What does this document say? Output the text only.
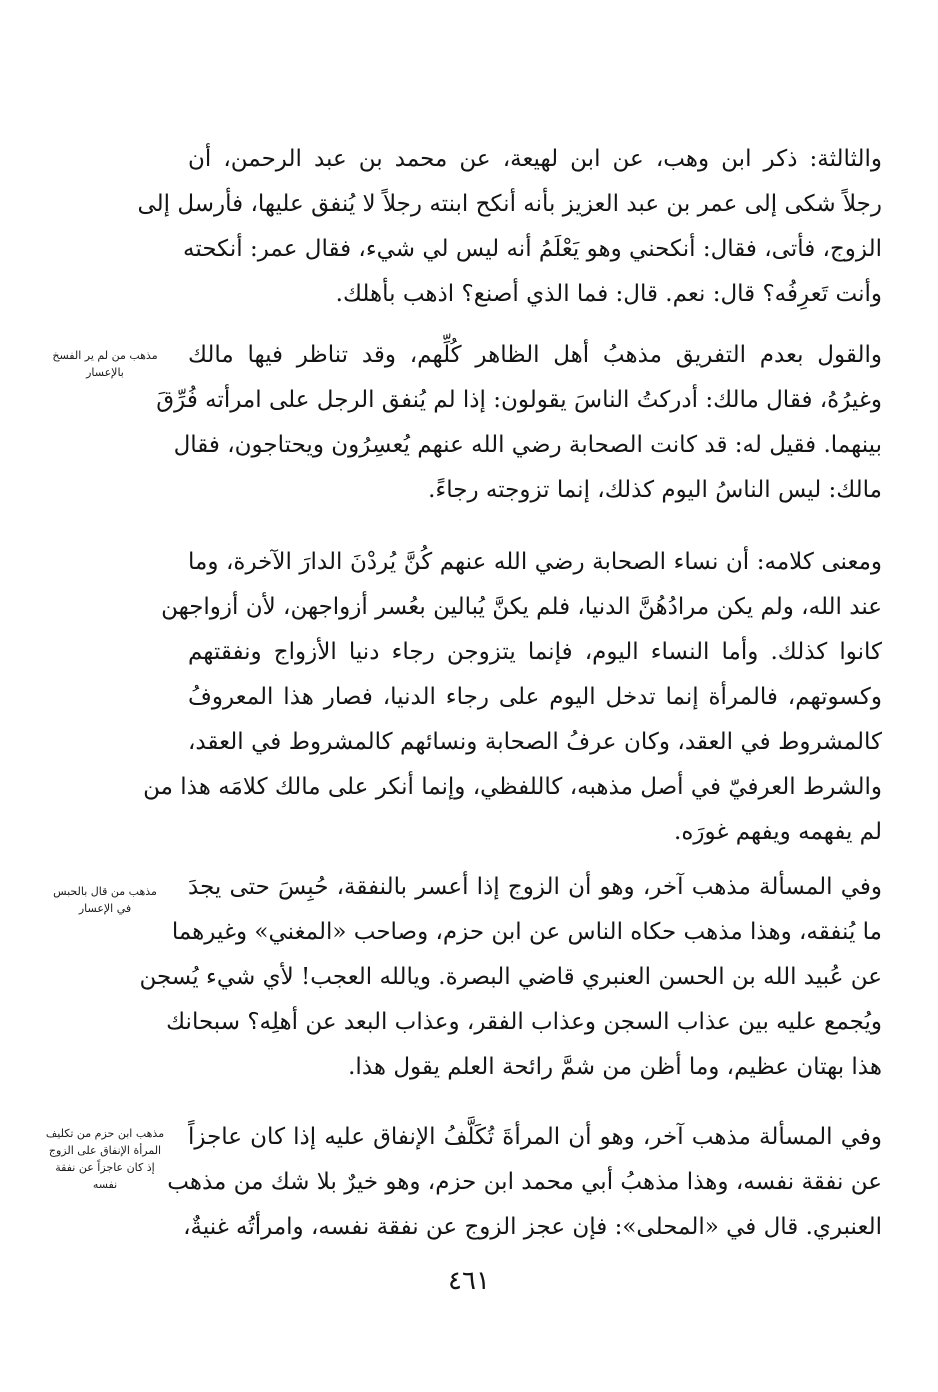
والثالثة: ذكر ابن وهب، عن ابن لهيعة، عن محمد بن عبد الرحمن، أن
رجلاً شكى إلى عمر بن عبد العزيز بأنه أنكح ابنته رجلاً لا يُنفق عليها، فأرسل إلى
الزوج، فأتى، فقال: أنكحني وهو يَعْلَمُ أنه ليس لي شيء، فقال عمر: أنكحته
وأنت تَعرِفُه؟ قال: نعم. قال: فما الذي أصنع؟ اذهب بأهلك.

والقول بعدم التفريق مذهبُ أهل الظاهر كُلِّهم، وقد تناظر فيها مالك
وغيرُهُ، فقال مالك: أدركتُ الناسَ يقولون: إذا لم يُنفق الرجل على امرأته فُرِّقَ
بينهما. فقيل له: قد كانت الصحابة رضي الله عنهم يُعسِرُون ويحتاجون، فقال
مالك: ليس الناسُ اليوم كذلك، إنما تزوجته رجاءً.

ومعنى كلامه: أن نساء الصحابة رضي الله عنهم كُنَّ يُردْنَ الدارَ الآخرة، وما
عند الله، ولم يكن مرادُهُنَّ الدنيا، فلم يكنَّ يُبالين بعُسر أزواجهن، لأن أزواجهن
كانوا كذلك. وأما النساء اليوم، فإنما يتزوجن رجاء دنيا الأزواج ونفقتهم
وكسوتهم، فالمرأة إنما تدخل اليوم على رجاء الدنيا، فصار هذا المعروفُ
كالمشروط في العقد، وكان عرفُ الصحابة ونسائهم كالمشروط في العقد،
والشرط العرفيّ في أصل مذهبه، كاللفظي، وإنما أنكر على مالك كلامَه هذا من
لم يفهمه ويفهم غورَه.

وفي المسألة مذهب آخر، وهو أن الزوج إذا أعسر بالنفقة، حُبِسَ حتى يجدَ
ما يُنفقه، وهذا مذهب حكاه الناس عن ابن حزم، وصاحب «المغني» وغيرهما
عن عُبيد الله بن الحسن العنبري قاضي البصرة. ويالله العجب! لأي شيء يُسجن
ويُجمع عليه بين عذاب السجن وعذاب الفقر، وعذاب البعد عن أهلِه؟ سبحانك
هذا بهتان عظيم، وما أظن من شمَّ رائحة العلم يقول هذا.

وفي المسألة مذهب آخر، وهو أن المرأةَ تُكَلَّفُ الإنفاق عليه إذا كان عاجزاً
عن نفقة نفسه، وهذا مذهبُ أبي محمد ابن حزم، وهو خيرٌ بلا شك من مذهب
العنبري. قال في «المحلى»: فإن عجز الزوج عن نفقة نفسه، وامرأتُه غنيةٌ،

مذهب من لم ير الفسخ
بالإعسار
مذهب من قال بالحبس
في الإعسار
مذهب ابن حزم من تكليف
المرأة الإنفاق على الزوج
إذ كان عاجزاً عن نفقة
نفسه
٤٦١
